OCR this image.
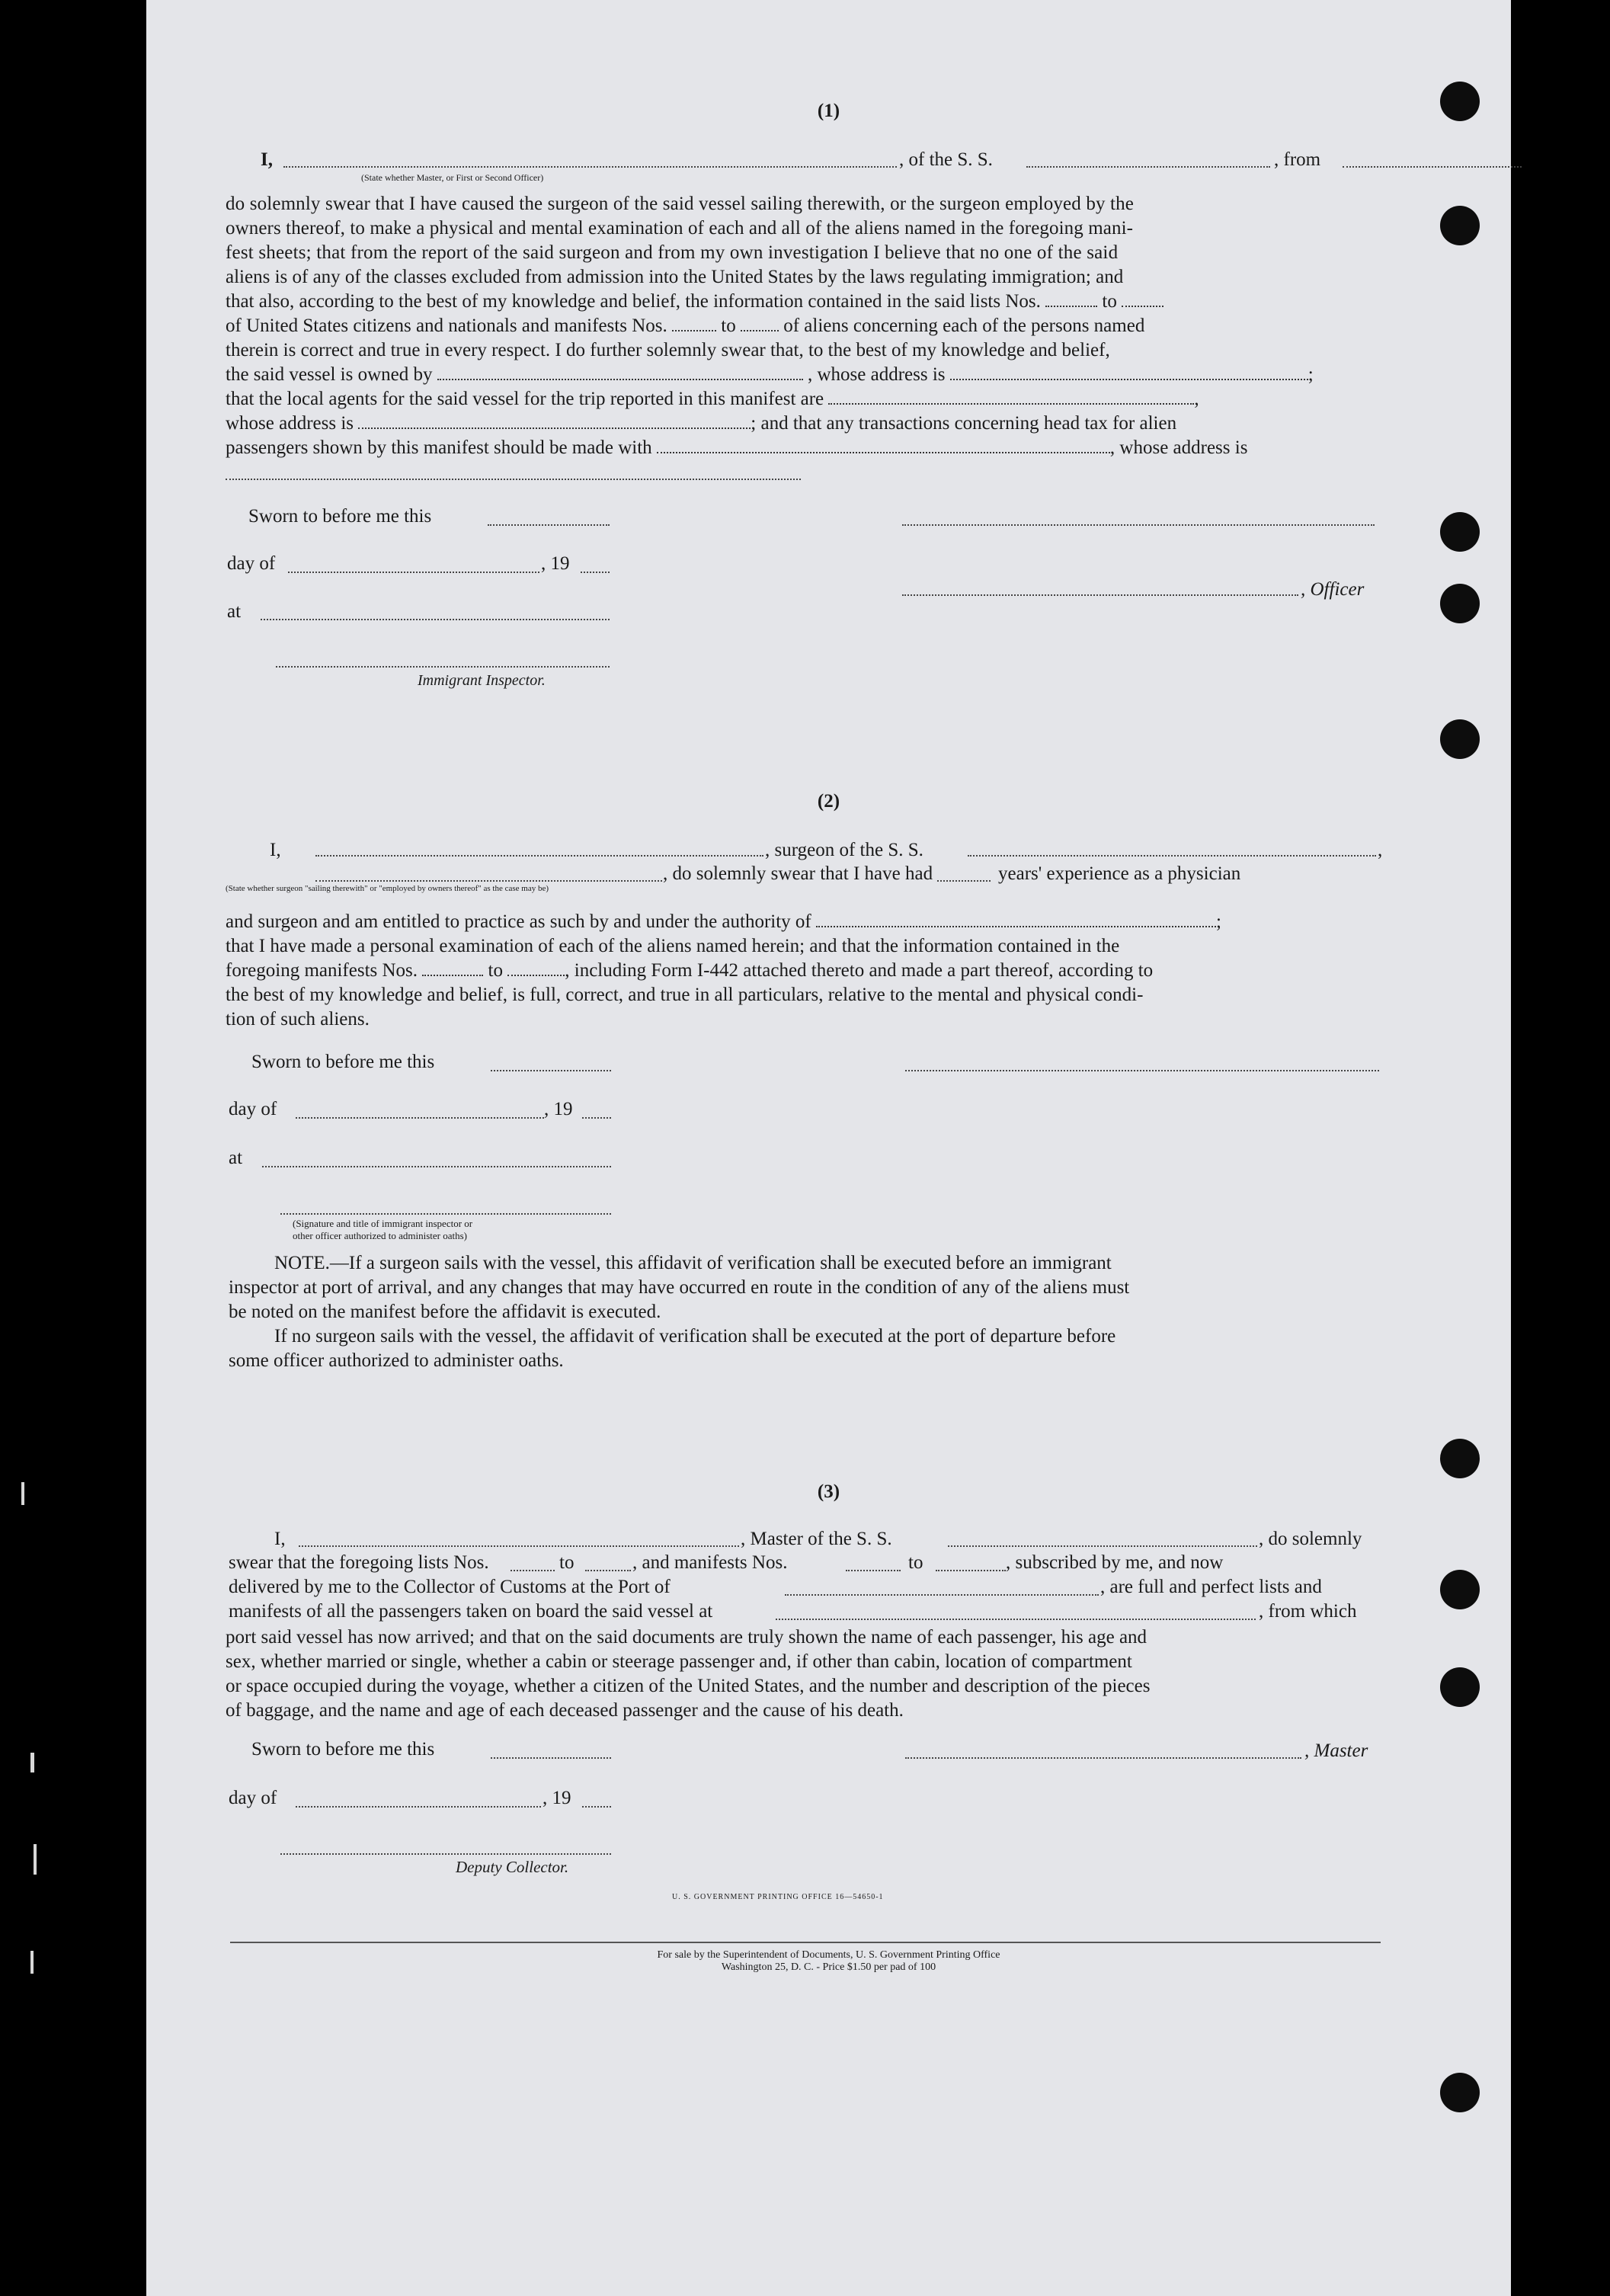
(1)
I,	, of the S. S.	, from
(State whether Master, or First or Second Officer)
do solemnly swear that I have caused the surgeon of the said vessel sailing therewith, or the surgeon employed by the
owners thereof, to make a physical and mental examination of each and all of the aliens named in the foregoing mani-
fest sheets; that from the report of the said surgeon and from my own investigation I believe that no one of the said
aliens is of any of the classes excluded from admission into the United States by the laws regulating immigration; and
that also, according to the best of my knowledge and belief, the information contained in the said lists Nos.	to
of United States citizens and nationals and manifests Nos.	to	of aliens concerning each of the persons named
therein is correct and true in every respect. I do further solemnly swear that, to the best of my knowledge and belief,
the said vessel is owned by	, whose address is	;
that the local agents for the said vessel for the trip reported in this manifest are	,
whose address is	; and that any transactions concerning head tax for alien
passengers shown by this manifest should be made with	, whose address is
Sworn to before me this
day of	, 19
, Officer
at
Immigrant Inspector.
(2)
I,	, surgeon of the S. S.	,
, do solemnly swear that I have had	years' experience as a physician
(State whether surgeon "sailing therewith" or "employed by owners thereof" as the case may be)
and surgeon and am entitled to practice as such by and under the authority of	;
that I have made a personal examination of each of the aliens named herein; and that the information contained in the
foregoing manifests Nos.	to	, including Form I-442 attached thereto and made a part thereof, according to
the best of my knowledge and belief, is full, correct, and true in all particulars, relative to the mental and physical condi-
tion of such aliens.
Sworn to before me this
day of	, 19
at
(Signature and title of immigrant inspector or
other officer authorized to administer oaths)
NOTE.—If a surgeon sails with the vessel, this affidavit of verification shall be executed before an immigrant
inspector at port of arrival, and any changes that may have occurred en route in the condition of any of the aliens must
be noted on the manifest before the affidavit is executed.
If no surgeon sails with the vessel, the affidavit of verification shall be executed at the port of departure before
some officer authorized to administer oaths.
(3)
I,	, Master of the S. S.	, do solemnly
swear that the foregoing lists Nos.	to	, and manifests Nos.	to	, subscribed by me, and now
delivered by me to the Collector of Customs at the Port of	, are full and perfect lists and
manifests of all the passengers taken on board the said vessel at	, from which
port said vessel has now arrived; and that on the said documents are truly shown the name of each passenger, his age and
sex, whether married or single, whether a cabin or steerage passenger and, if other than cabin, location of compartment
or space occupied during the voyage, whether a citizen of the United States, and the number and description of the pieces
of baggage, and the name and age of each deceased passenger and the cause of his death.
Sworn to before me this	, Master
day of	, 19
Deputy Collector.
U. S. GOVERNMENT PRINTING OFFICE 16—54650-1
For sale by the Superintendent of Documents, U. S. Government Printing Office
Washington 25, D. C. - Price $1.50 per pad of 100
